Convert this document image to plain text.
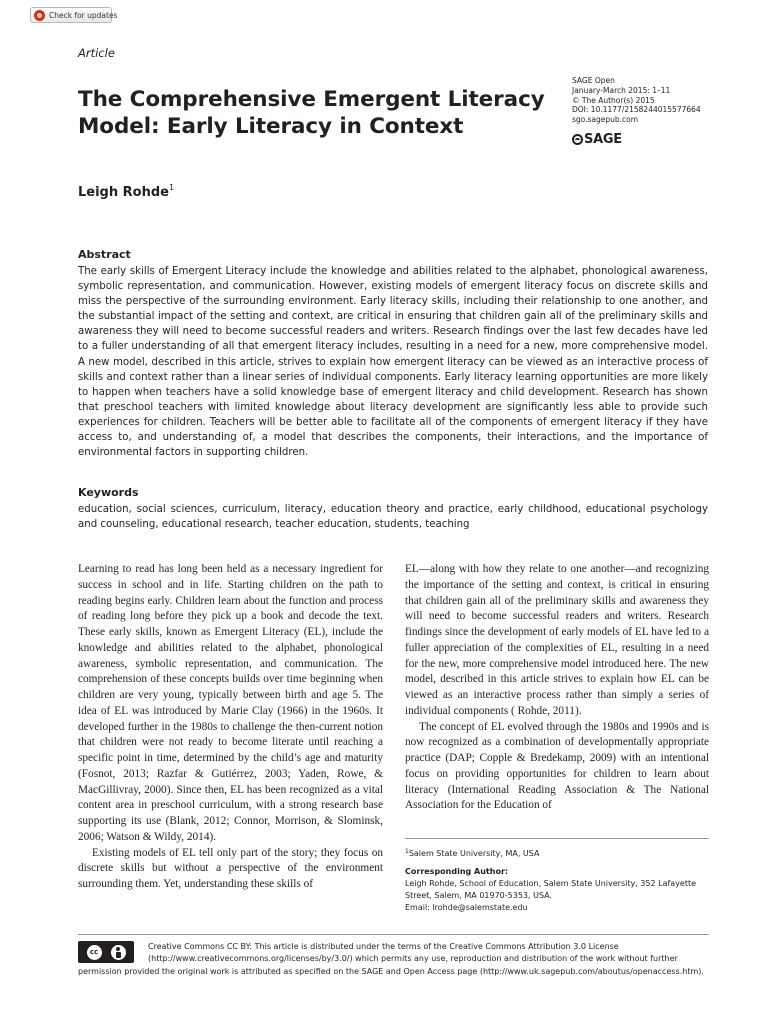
Check for updates
Article
The Comprehensive Emergent Literacy Model: Early Literacy in Context
SAGE Open
January-March 2015: 1–11
© The Author(s) 2015
DOI: 10.1177/2158244015577664
sgo.sagepub.com
SAGE
Leigh Rohde$^1$
Abstract
The early skills of Emergent Literacy include the knowledge and abilities related to the alphabet, phonological awareness, symbolic representation, and communication. However, existing models of emergent literacy focus on discrete skills and miss the perspective of the surrounding environment. Early literacy skills, including their relationship to one another, and the substantial impact of the setting and context, are critical in ensuring that children gain all of the preliminary skills and awareness they will need to become successful readers and writers. Research findings over the last few decades have led to a fuller understanding of all that emergent literacy includes, resulting in a need for a new, more comprehensive model. A new model, described in this article, strives to explain how emergent literacy can be viewed as an interactive process of skills and context rather than a linear series of individual components. Early literacy learning opportunities are more likely to happen when teachers have a solid knowledge base of emergent literacy and child development. Research has shown that preschool teachers with limited knowledge about literacy development are significantly less able to provide such experiences for children. Teachers will be better able to facilitate all of the components of emergent literacy if they have access to, and understanding of, a model that describes the components, their interactions, and the importance of environmental factors in supporting children.
Keywords
education, social sciences, curriculum, literacy, education theory and practice, early childhood, educational psychology and counseling, educational research, teacher education, students, teaching

Learning to read has long been held as a necessary ingredient for success in school and in life. Starting children on the path to reading begins early. Children learn about the function and process of reading long before they pick up a book and decode the text. These early skills, known as Emergent Literacy (EL), include the knowledge and abilities related to the alphabet, phonological awareness, symbolic representation, and communication. The comprehension of these concepts builds over time beginning when children are very young, typically between birth and age 5. The idea of EL was introduced by Marie Clay (1966) in the 1960s. It developed further in the 1980s to challenge the then-current notion that children were not ready to become literate until reaching a specific point in time, determined by the child’s age and maturity (Fosnot, 2013; Razfar & Gutiérrez, 2003; Yaden, Rowe, & MacGillivray, 2000). Since then, EL has been recognized as a vital content area in preschool curriculum, with a strong research base supporting its use (Blank, 2012; Connor, Morrison, & Slominsk, 2006; Watson & Wildy, 2014).

Existing models of EL tell only part of the story; they focus on discrete skills but without a perspective of the environment surrounding them. Yet, understanding these skills of

EL—along with how they relate to one another—and recognizing the importance of the setting and context, is critical in ensuring that children gain all of the preliminary skills and awareness they will need to become successful readers and writers. Research findings since the development of early models of EL have led to a fuller appreciation of the complexities of EL, resulting in a need for the new, more comprehensive model introduced here. The new model, described in this article strives to explain how EL can be viewed as an interactive process rather than simply a series of individual components ( Rohde, 2011).

The concept of EL evolved through the 1980s and 1990s and is now recognized as a combination of developmentally appropriate practice (DAP; Copple & Bredekamp, 2009) with an intentional focus on providing opportunities for children to learn about literacy (International Reading Association & The National Association for the Education of

$^1$Salem State University, MA, USA
Corresponding Author:
Leigh Rohde, School of Education, Salem State University, 352 Lafayette Street, Salem, MA 01970-5353, USA.
Email: lrohde@salemstate.edu
cc
Creative Commons CC BY: This article is distributed under the terms of the Creative Commons Attribution 3.0 License (http://www.creativecommons.org/licenses/by/3.0/) which permits any use, reproduction and distribution of the work without further
permission provided the original work is attributed as specified on the SAGE and Open Access page (http://www.uk.sagepub.com/aboutus/openaccess.htm).
